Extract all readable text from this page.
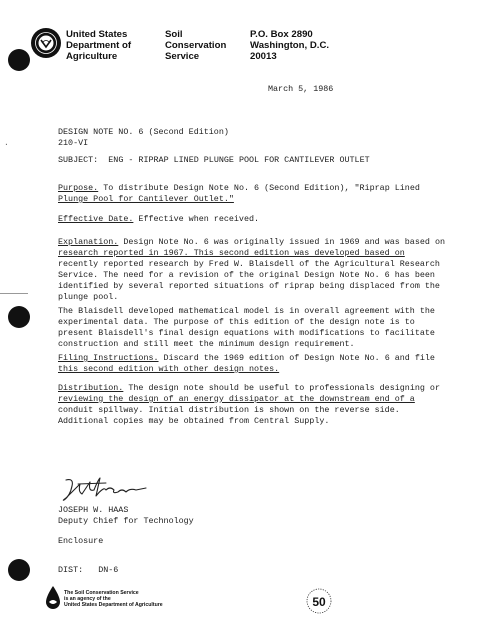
·
United States
Department of
Agriculture
Soil
Conservation
Service
P.O. Box 2890
Washington, D.C.
20013
March 5, 1986
DESIGN NOTE NO. 6 (Second Edition)
210-VI
SUBJECT: ENG - RIPRAP LINED PLUNGE POOL FOR CANTILEVER OUTLET
Purpose. To distribute Design Note No. 6 (Second Edition), "Riprap Lined
Plunge Pool for Cantilever Outlet."
Effective Date. Effective when received.
Explanation. Design Note No. 6 was originally issued in 1969 and was based on
research reported in 1967. This second edition was developed based on
recently reported research by Fred W. Blaisdell of the Agricultural Research
Service. The need for a revision of the original Design Note No. 6 has been
identified by several reported situations of riprap being displaced from the
plunge pool.
The Blaisdell developed mathematical model is in overall agreement with the
experimental data. The purpose of this edition of the design note is to
present Blaisdell's final design equations with modifications to facilitate
construction and still meet the minimum design requirement.
Filing Instructions. Discard the 1969 edition of Design Note No. 6 and file
this second edition with other design notes.
Distribution. The design note should be useful to professionals designing or
reviewing the design of an energy dissipator at the downstream end of a
conduit spillway. Initial distribution is shown on the reverse side.
Additional copies may be obtained from Central Supply.
JOSEPH W. HAAS
Deputy Chief for Technology
Enclosure
DIST:   DN-6
The Soil Conservation Service
is an agency of the
United States Department of Agriculture	50
